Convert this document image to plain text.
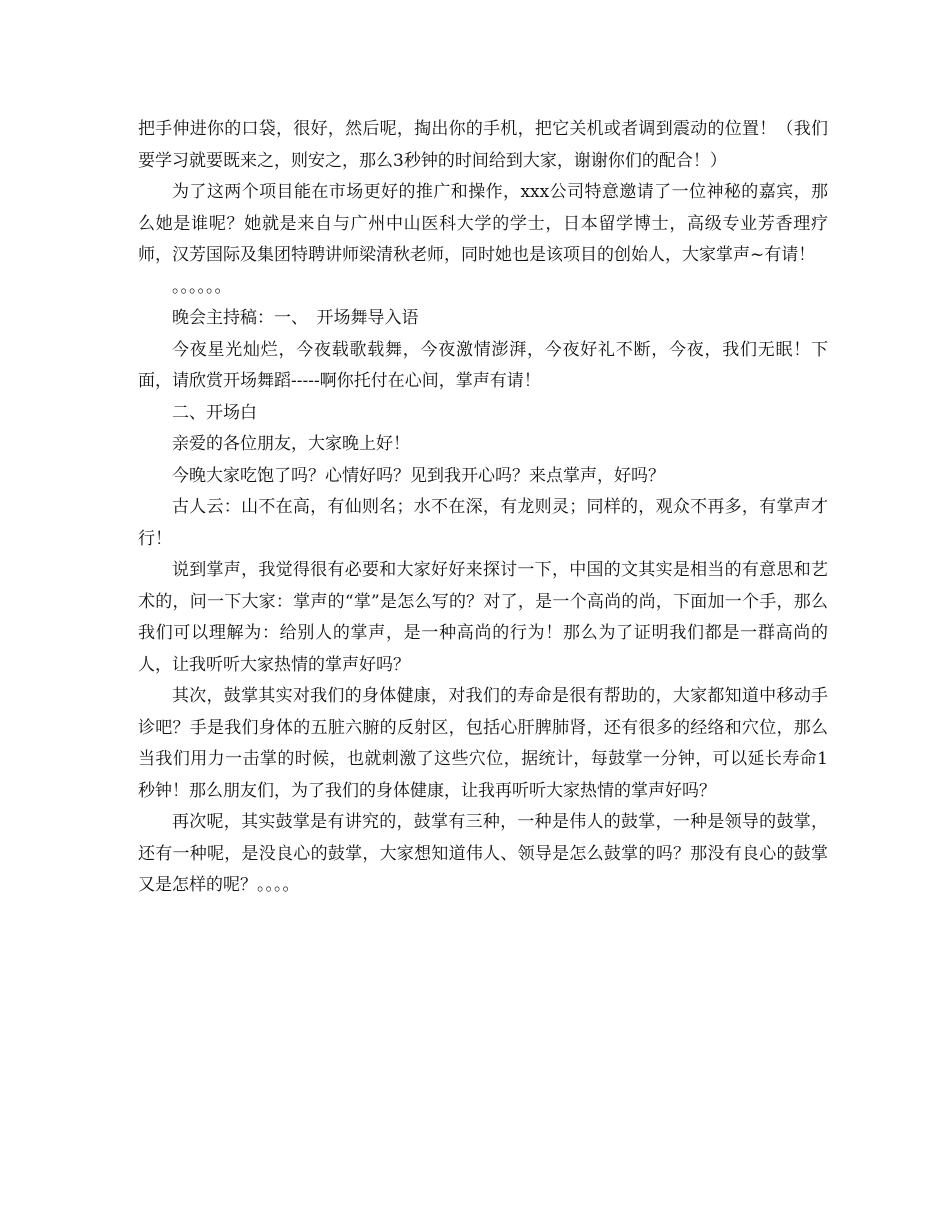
把手伸进你的口袋，很好，然后呢，掏出你的手机，把它关机或者调到震动的位置！（我们要学习就要既来之，则安之，那么3秒钟的时间给到大家，谢谢你们的配合！）

为了这两个项目能在市场更好的推广和操作，xxx公司特意邀请了一位神秘的嘉宾，那么她是谁呢？她就是来自与广州中山医科大学的学士，日本留学博士，高级专业芳香理疗师，汉芳国际及集团特聘讲师梁清秋老师，同时她也是该项目的创始人，大家掌声~有请！

。。。。。。

晚会主持稿：一、　开场舞导入语

今夜星光灿烂，今夜载歌载舞，今夜激情澎湃，今夜好礼不断，今夜，我们无眠！下面，请欣赏开场舞蹈-----啊你托付在心间，掌声有请！

二、开场白

亲爱的各位朋友，大家晚上好！

今晚大家吃饱了吗？心情好吗？见到我开心吗？来点掌声，好吗？

古人云：山不在高，有仙则名；水不在深，有龙则灵；同样的，观众不再多，有掌声才行！

说到掌声，我觉得很有必要和大家好好来探讨一下，中国的文其实是相当的有意思和艺术的，问一下大家：掌声的“掌”是怎么写的？对了，是一个高尚的尚，下面加一个手，那么我们可以理解为：给别人的掌声，是一种高尚的行为！那么为了证明我们都是一群高尚的人，让我听听大家热情的掌声好吗？

其次，鼓掌其实对我们的身体健康，对我们的寿命是很有帮助的，大家都知道中移动手诊吧？手是我们身体的五脏六腑的反射区，包括心肝脾肺肾，还有很多的经络和穴位，那么当我们用力一击掌的时候，也就刺激了这些穴位，据统计，每鼓掌一分钟，可以延长寿命1秒钟！那么朋友们，为了我们的身体健康，让我再听听大家热情的掌声好吗？

再次呢，其实鼓掌是有讲究的，鼓掌有三种，一种是伟人的鼓掌，一种是领导的鼓掌，还有一种呢，是没良心的鼓掌，大家想知道伟人、领导是怎么鼓掌的吗？那没有良心的鼓掌又是怎样的呢？。。。。
